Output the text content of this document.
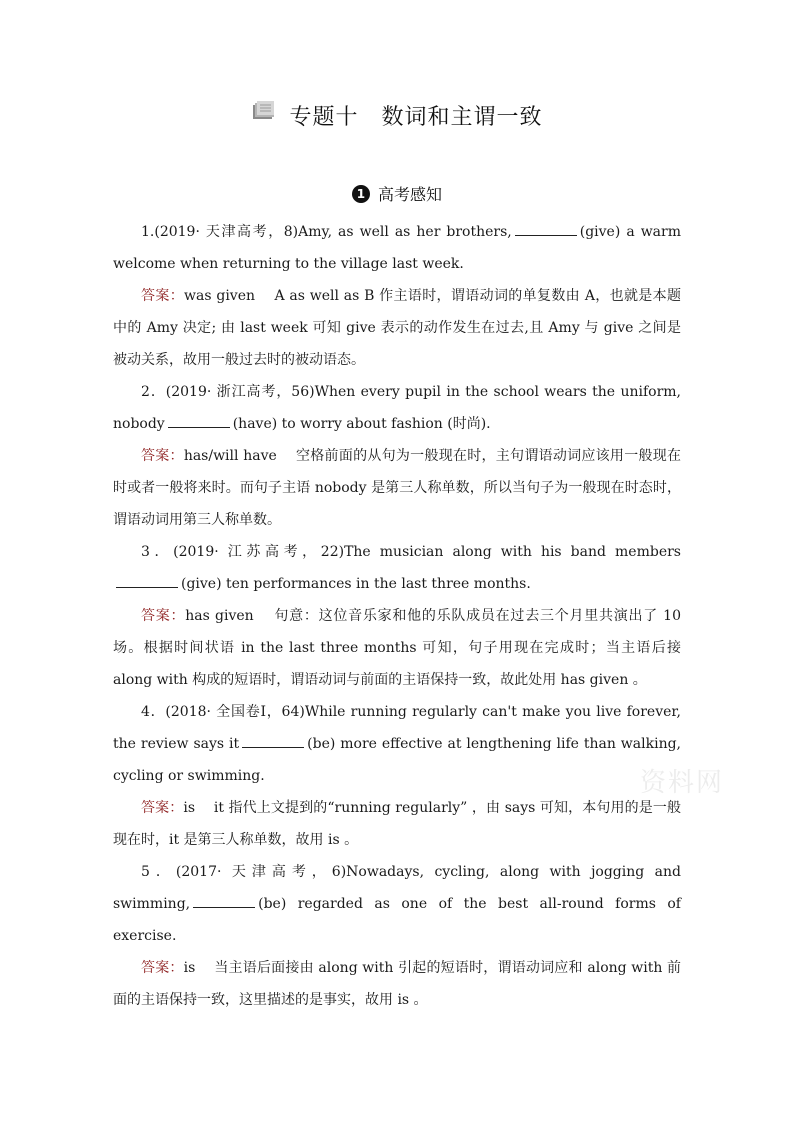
专题十　数词和主谓一致
1 高考感知
资料网

1.(2019· 天津高考，8)Amy, as well as her brothers,	(give) a warm welcome when returning to the village last week.

答案：was given　 A as well as B 作主语时，谓语动词的单复数由 A，也就是本题中的 Amy 决定; 由 last week 可知 give 表示的动作发生在过去,且 Amy 与 give 之间是被动关系，故用一般过去时的被动语态。

2．(2019· 浙江高考，56)When every pupil in the school wears the uniform, nobody	(have) to worry about fashion (时尚).

答案：has/will have　 空格前面的从句为一般现在时，主句谓语动词应该用一般现在时或者一般将来时。而句子主语 nobody 是第三人称单数，所以当句子为一般现在时态时，谓语动词用第三人称单数。

3．(2019· 江苏高考，22)The musician along with his band members(give) ten performances in the last three months.

答案：has given　 句意：这位音乐家和他的乐队成员在过去三个月里共演出了 10 场。根据时间状语 in the last three months 可知，句子用现在完成时；当主语后接 along with 构成的短语时，谓语动词与前面的主语保持一致，故此处用 has given 。

4．(2018· 全国卷Ⅰ，64)While running regularly can't make you live forever, the review says it	(be) more effective at lengthening life than walking, cycling or swimming.

答案：is　 it 指代上文提到的“running regularly” ，由 says 可知，本句用的是一般现在时，it 是第三人称单数，故用 is 。

5．(2017· 天津高考，6)Nowadays, cycling, along with jogging and swimming,	(be) regarded as one of the best all-round forms of exercise.

答案：is　 当主语后面接由 along with 引起的短语时，谓语动词应和 along with 前面的主语保持一致，这里描述的是事实，故用 is 。
